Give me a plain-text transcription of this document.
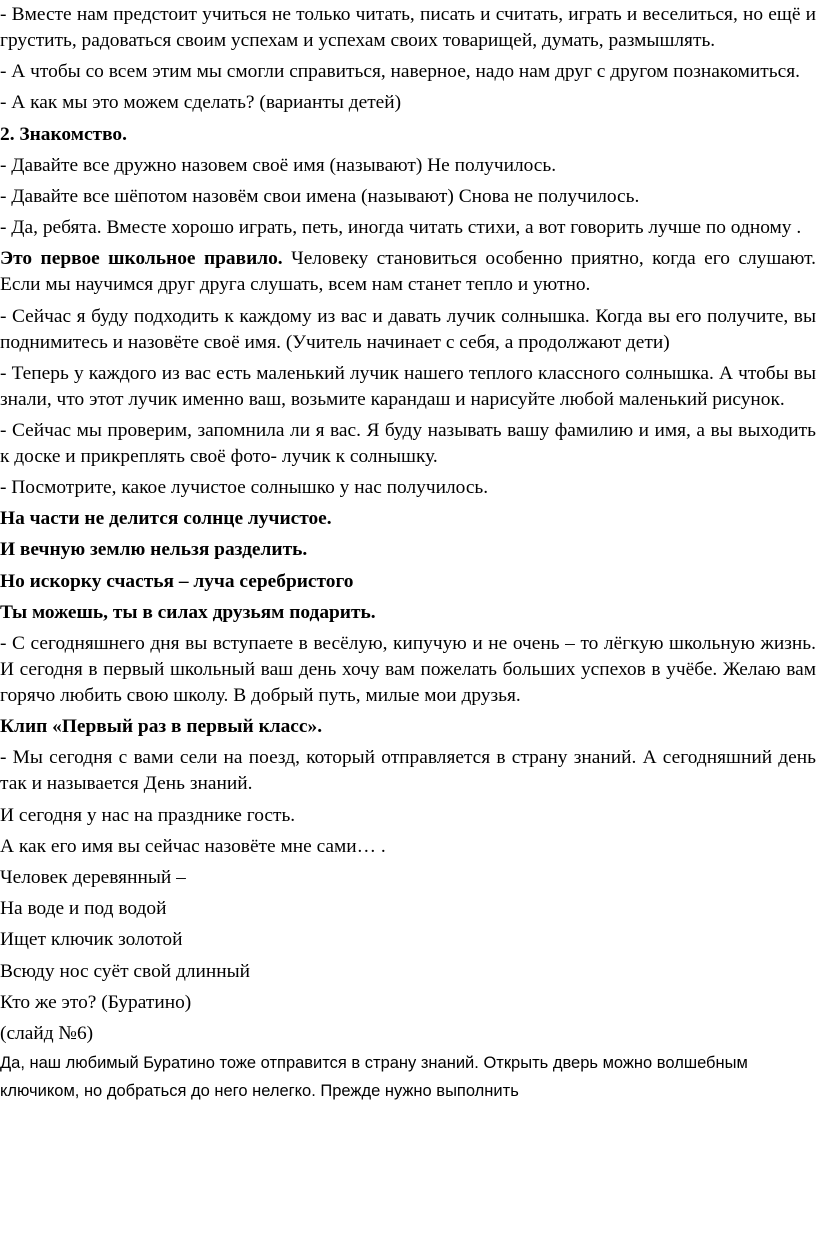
- Вместе нам предстоит учиться не только читать, писать и считать, играть и веселиться, но ещё и грустить, радоваться своим успехам и успехам своих товарищей, думать, размышлять.

- А чтобы со всем этим мы смогли справиться, наверное, надо нам друг с другом познакомиться.

- А как мы это можем сделать? (варианты детей)

2. Знакомство.

- Давайте все дружно назовем своё имя (называют) Не получилось.

- Давайте все шёпотом назовём свои имена (называют) Снова не получилось.

- Да, ребята. Вместе хорошо играть, петь, иногда читать стихи, а вот говорить лучше по одному .

Это первое школьное правило. Человеку становиться особенно приятно, когда его слушают. Если мы научимся друг друга слушать, всем нам станет тепло и уютно.

- Сейчас я буду подходить к каждому из вас и давать лучик солнышка. Когда вы его получите, вы поднимитесь и назовёте своё имя. (Учитель начинает с себя, а продолжают дети)

- Теперь у каждого из вас есть маленький лучик нашего теплого классного солнышка. А чтобы вы знали, что этот лучик именно ваш, возьмите карандаш и нарисуйте любой маленький рисунок.

- Сейчас мы проверим, запомнила ли я вас. Я буду называть вашу фамилию и имя, а вы выходить к доске и прикреплять своё фото- лучик к солнышку.

- Посмотрите, какое лучистое солнышко у нас получилось.

На части не делится солнце лучистое.

И вечную землю нельзя разделить.

Но искорку счастья – луча серебристого

Ты можешь, ты в силах друзьям подарить.

- С сегодняшнего дня вы вступаете в весёлую, кипучую и не очень – то лёгкую школьную жизнь. И сегодня в первый школьный ваш день хочу вам пожелать больших успехов в учёбе. Желаю вам горячо любить свою школу. В добрый путь, милые мои друзья.

Клип «Первый раз в первый класс».

- Мы сегодня с вами сели на поезд, который отправляется в страну знаний. А сегодняшний день так и называется День знаний.

И сегодня у нас на празднике гость.

А как его имя вы сейчас назовёте мне сами… .

Человек деревянный –

На воде и под водой

Ищет ключик золотой

Всюду нос суёт свой длинный

Кто же это? (Буратино)

(слайд №6)

Да, наш любимый Буратино тоже отправится в страну знаний. Открыть дверь можно волшебным ключиком, но добраться до него нелегко. Прежде нужно выполнить
